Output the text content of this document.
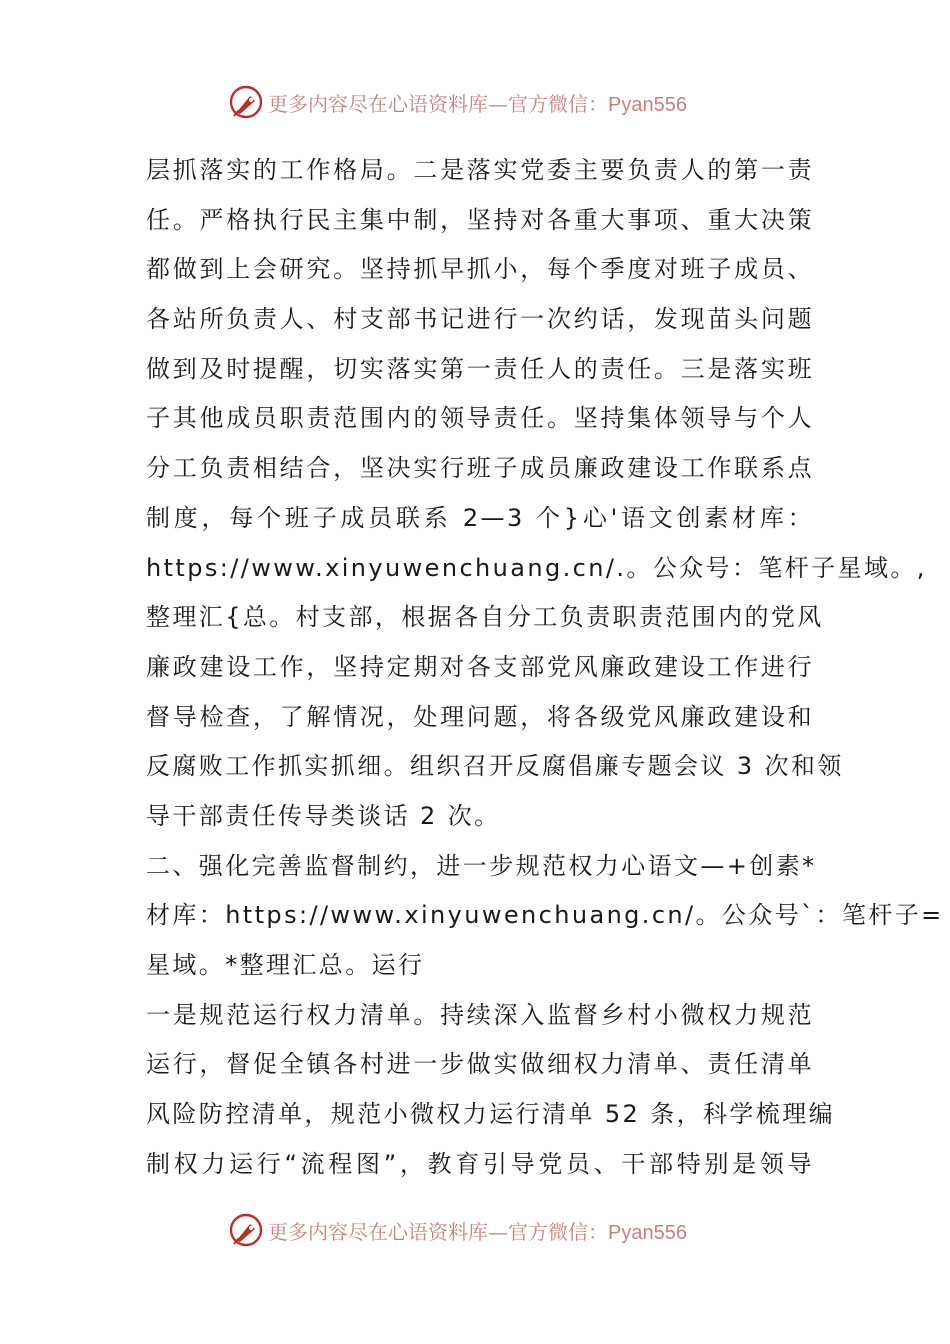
更多内容尽在心语资料库—官方微信：Pyan556
层抓落实的工作格局。二是落实党委主要负责人的第一责
任。严格执行民主集中制，坚持对各重大事项、重大决策
都做到上会研究。坚持抓早抓小，每个季度对班子成员、
各站所负责人、村支部书记进行一次约话，发现苗头问题
做到及时提醒，切实落实第一责任人的责任。三是落实班
子其他成员职责范围内的领导责任。坚持集体领导与个人
分工负责相结合，坚决实行班子成员廉政建设工作联系点
制度，每个班子成员联系 2—3 个}心'语文创素材库：
https://www.xinyuwenchuang.cn/.。公众号：笔杆子星域。,
整理汇{总。村支部，根据各自分工负责职责范围内的党风
廉政建设工作，坚持定期对各支部党风廉政建设工作进行
督导检查，了解情况，处理问题，将各级党风廉政建设和
反腐败工作抓实抓细。组织召开反腐倡廉专题会议 3 次和领
导干部责任传导类谈话 2 次。
二、强化完善监督制约，进一步规范权力心语文—+创素*
材库：https://www.xinyuwenchuang.cn/。公众号`：笔杆子=
星域。*整理汇总。运行
一是规范运行权力清单。持续深入监督乡村小微权力规范
运行，督促全镇各村进一步做实做细权力清单、责任清单
风险防控清单，规范小微权力运行清单 52 条，科学梳理编
制权力运行“流程图”，教育引导党员、干部特别是领导
更多内容尽在心语资料库—官方微信：Pyan556
